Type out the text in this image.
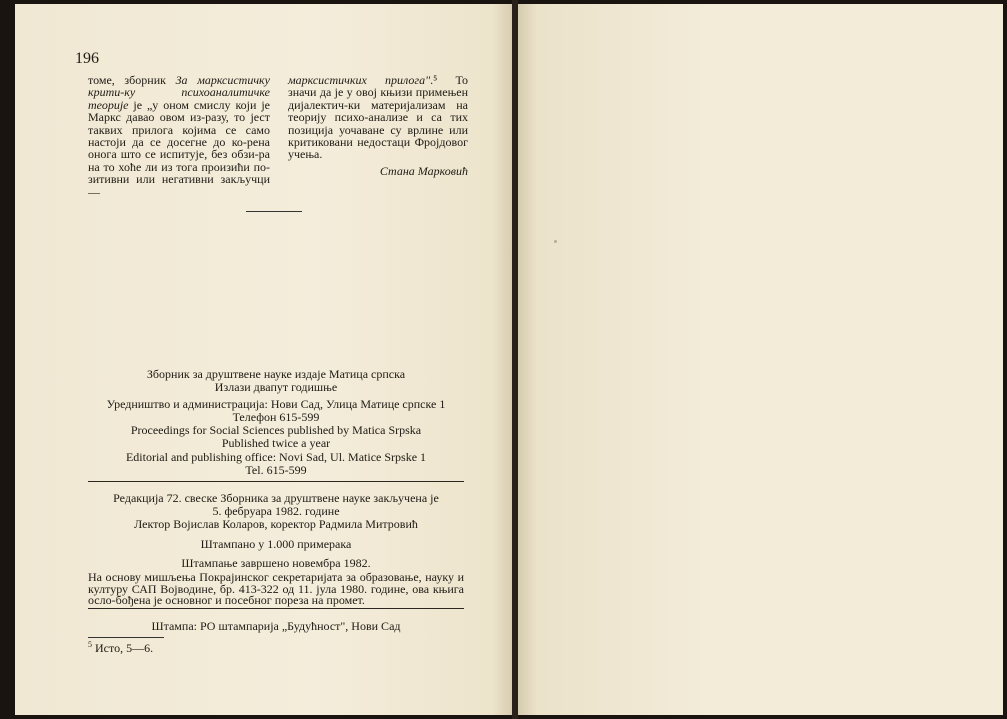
196

томе, зборник За марксистичку крити-ку психоаналитичке теорије је „у оном смислу који је Маркс давао овом из-разу, то јест таквих прилога којима се само настоји да се досегне до ко-рена онога што се испитује, без обзи-ра на то хоће ли из тога произићи по-зитивни или негативни закључци —

марксистичких прилога".⁵ То значи да је у овој књизи примењен дијалектич-ки материјализам на теорију психо-анализе и са тих позиција уочаване су врлине или критиковани недостаци Фројдовог учења.

Стана Марковић

Зборник за друштвене науке издаје Матица српска
Излази двапут годишње
Уредништво и администрација: Нови Сад, Улица Матице српске 1
Телефон 615-599
Proceedings for Social Sciences published by Matica Srpska
Published twice a year
Editorial and publishing office: Novi Sad, Ul. Matice Srpske 1
Tel. 615-599
Редакција 72. свеске Зборника за друштвене науке закључена је
5. фебруара 1982. године
Лектор Војислав Коларов, коректор Радмила Митровић
Штампано у 1.000 примерака
Штампање завршено новембра 1982.
На основу мишљења Покрајинског секретаријата за образовање, науку и културу САП Војводине, бр. 413-322 од 11. јула 1980. године, ова књига осло-бођена је основног и посебног пореза на промет.
Штампа: РО штампарија „Будућност", Нови Сад
$^5$ Исто, 5—6.
